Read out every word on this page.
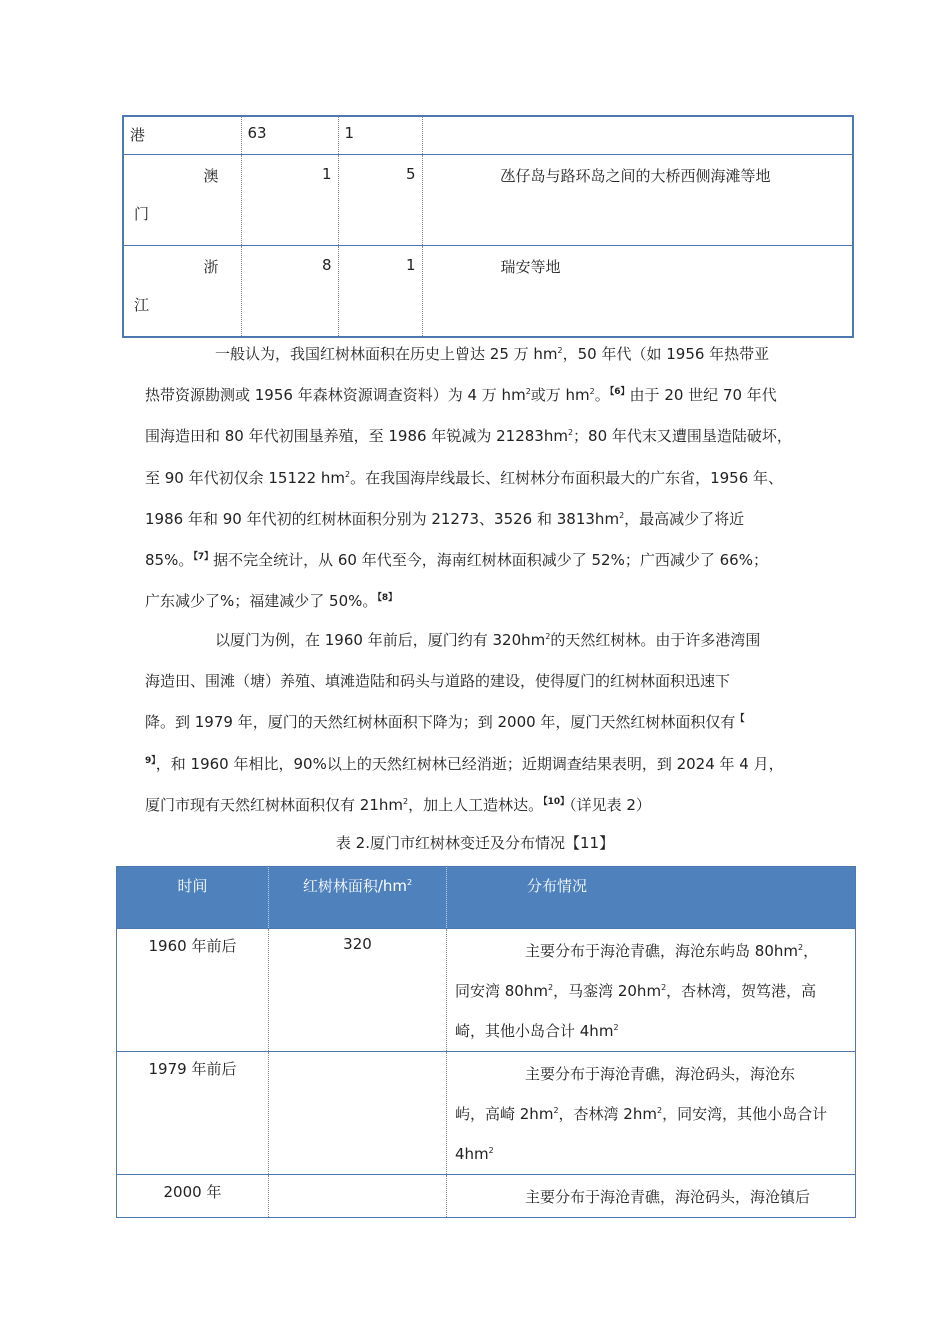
港	63	1	

澳
门	1	5	氹仔岛与路环岛之间的大桥西侧海滩等地

浙
江	8	1	瑞安等地
一般认为，我国红树林面积在历史上曾达 25 万 $hm^2$，50 年代（如 1956 年热带亚
热带资源勘测或 1956 年森林资源调查资料）为 4 万 $hm^2$或万 $hm^2$。$^{【6】}$由于 20 世纪 70 年代
围海造田和 80 年代初围垦养殖，至 1986 年锐减为 $21283hm^2$；80 年代末又遭围垦造陆破坏，
至 90 年代初仅余 15122 $hm^2$。在我国海岸线最长、红树林分布面积最大的广东省，1956 年、
1986 年和 90 年代初的红树林面积分别为 21273、3526 和 $3813hm^2$，最高减少了将近
85%。$^{【7】}$据不完全统计，从 60 年代至今，海南红树林面积减少了 52%；广西减少了 66%；
广东减少了%；福建减少了 50%。$^{【8】}$
以厦门为例，在 1960 年前后，厦门约有 $320hm^2$的天然红树林。由于许多港湾围
海造田、围滩（塘）养殖、填滩造陆和码头与道路的建设，使得厦门的红树林面积迅速下
降。到 1979 年，厦门的天然红树林面积下降为；到 2000 年，厦门天然红树林面积仅有【
$^{9】}$，和 1960 年相比，90%以上的天然红树林已经消逝；近期调查结果表明，到 2024 年 4 月，
厦门市现有天然红树林面积仅有 $21hm^2$，加上人工造林达。$^{【10】}$（详见表 2）
表 2.厦门市红树林变迁及分布情况【11】
时间	红树林面积$/hm^2$	分布情况
1960 年前后	320	主要分布于海沧青礁，海沧东屿岛 $80hm^2$，
同安湾 $80hm^2$，马銮湾 $20hm^2$，杏林湾，贺笃港，高
崎，其他小岛合计 $4hm^2$

1979 年前后		主要分布于海沧青礁，海沧码头，海沧东
屿，高崎 $2hm^2$，杏林湾 $2hm^2$，同安湾，其他小岛合计
$4hm^2$

2000 年		主要分布于海沧青礁，海沧码头，海沧镇后
